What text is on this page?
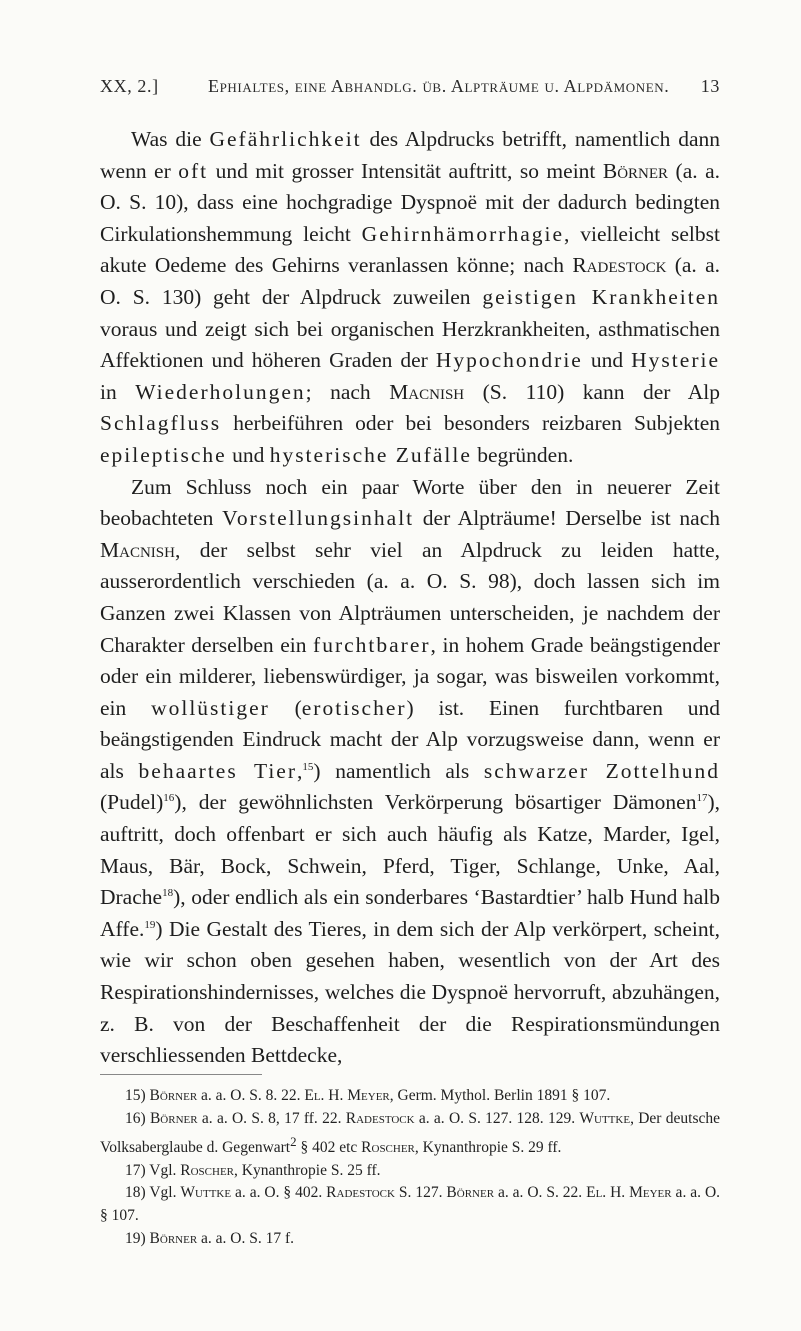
XX, 2.]	Ephialtes, eine Abhandlg. üb. Alpträume u. Alpdämonen. 13

Was die Gefährlichkeit des Alpdrucks betrifft, namentlich dann wenn er oft und mit grosser Intensität auftritt, so meint Börner (a. a. O. S. 10), dass eine hochgradige Dyspnoë mit der dadurch bedingten Cirkulationshemmung leicht Gehirnhämorrhagie, vielleicht selbst akute Oedeme des Gehirns veranlassen könne; nach Radestock (a. a. O. S. 130) geht der Alpdruck zuweilen geistigen Krankheiten voraus und zeigt sich bei organischen Herzkrankheiten, asthmatischen Affektionen und höheren Graden der Hypochondrie und Hysterie in Wiederholungen; nach Macnish (S. 110) kann der Alp Schlagfluss herbeiführen oder bei besonders reizbaren Subjekten epileptische und hysterische Zufälle begründen.

Zum Schluss noch ein paar Worte über den in neuerer Zeit beobachteten Vorstellungsinhalt der Alpträume! Derselbe ist nach Macnish, der selbst sehr viel an Alpdruck zu leiden hatte, ausserordentlich verschieden (a. a. O. S. 98), doch lassen sich im Ganzen zwei Klassen von Alpträumen unterscheiden, je nachdem der Charakter derselben ein furchtbarer, in hohem Grade beängstigender oder ein milderer, liebenswürdiger, ja sogar, was bisweilen vorkommt, ein wollüstiger (erotischer) ist. Einen furchtbaren und beängstigenden Eindruck macht der Alp vorzugsweise dann, wenn er als behaartes Tier,$^{15}$) namentlich als schwarzer Zottelhund (Pudel)$^{16}$), der gewöhnlichsten Verkörperung bösartiger Dämonen$^{17}$), auftritt, doch offenbart er sich auch häufig als Katze, Marder, Igel, Maus, Bär, Bock, Schwein, Pferd, Tiger, Schlange, Unke, Aal, Drache$^{18}$), oder endlich als ein sonderbares ‘Bastardtier’ halb Hund halb Affe.$^{19}$) Die Gestalt des Tieres, in dem sich der Alp verkörpert, scheint, wie wir schon oben gesehen haben, wesentlich von der Art des Respirationshindernisses, welches die Dyspnoë hervorruft, abzuhängen, z. B. von der Beschaffenheit der die Respirationsmündungen verschliessenden Bettdecke,

15) Börner a. a. O. S. 8. 22. El. H. Meyer, Germ. Mythol. Berlin 1891 § 107.

16) Börner a. a. O. S. 8, 17 ff. 22. Radestock a. a. O. S. 127. 128. 129. Wuttke, Der deutsche Volksaberglaube d. Gegenwart$^2$ § 402 etc Roscher, Kynanthropie S. 29 ff.

17) Vgl. Roscher, Kynanthropie S. 25 ff.

18) Vgl. Wuttke a. a. O. § 402. Radestock S. 127. Börner a. a. O. S. 22. El. H. Meyer a. a. O. § 107.

19) Börner a. a. O. S. 17 f.
